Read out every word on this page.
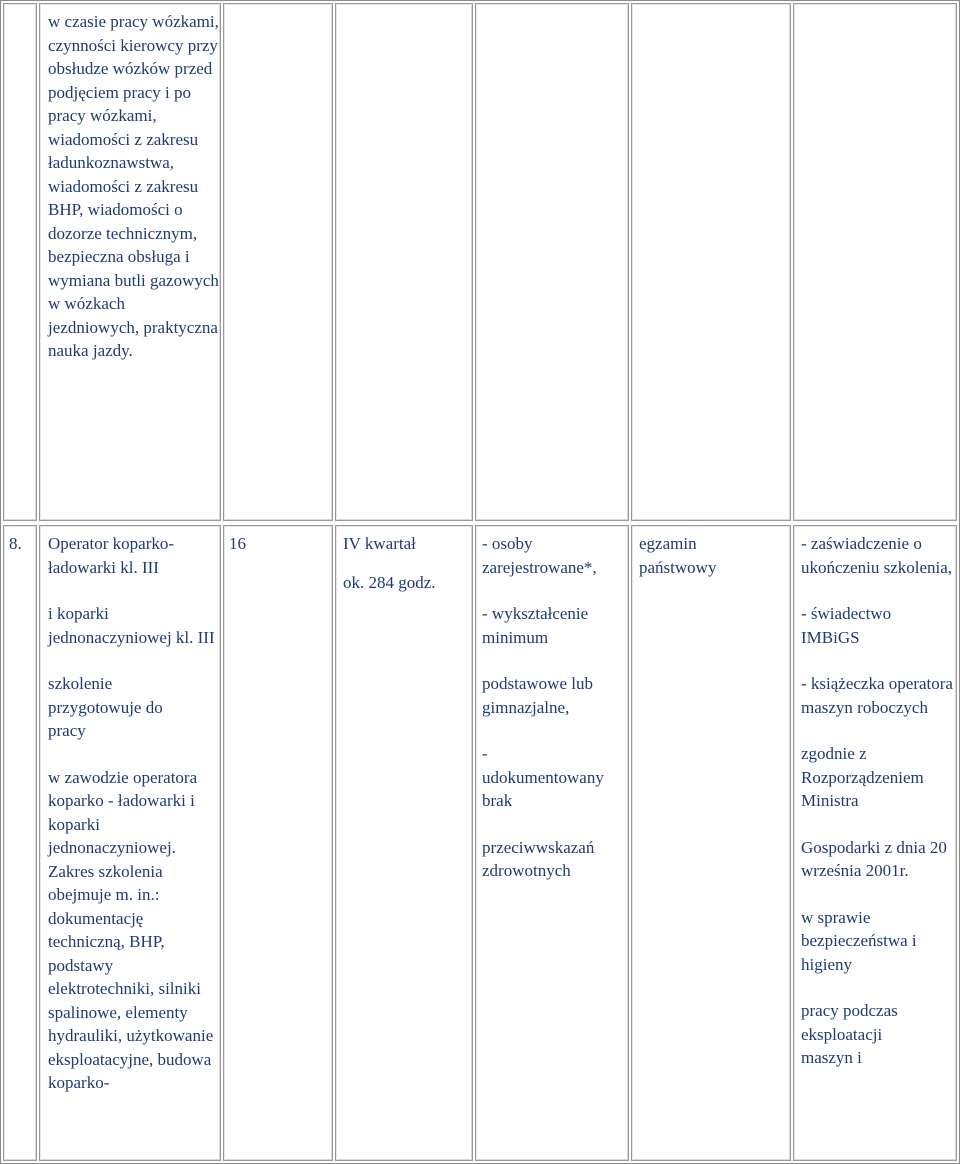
w czasie pracy wózkami, czynności kierowcy przy obsłudze wózków przed podjęciem pracy i po pracy wózkami, wiadomości z zakresu ładunkoznawstwa, wiadomości z zakresu BHP, wiadomości o dozorze technicznym, bezpieczna obsługa i wymiana butli gazowych w wózkach jezdniowych, praktyczna nauka jazdy.
8. Operator koparko-ładowarki kl. III
i koparki jednonaczyniowej kl. III
szkolenie przygotowuje do pracy
w zawodzie operatora koparko - ładowarki i koparki jednonaczyniowej. Zakres szkolenia obejmuje m. in.: dokumentację techniczną, BHP, podstawy elektrotechniki, silniki spalinowe, elementy hydrauliki, użytkowanie eksploatacyjne, budowa koparko-
16	IV kwartał
ok. 284 godz.
- osoby zarejestrowane*,
- wykształcenie minimum
podstawowe lub gimnazjalne,
- udokumentowany brak
przeciwwskazań zdrowotnych
egzamin państwowy
- zaświadczenie o ukończeniu szkolenia,
- świadectwo IMBiGS
- książeczka operatora maszyn roboczych
zgodnie z Rozporządzeniem Ministra
Gospodarki z dnia 20 września 2001r.
w sprawie bezpieczeństwa i higieny
pracy podczas eksploatacji maszyn i
